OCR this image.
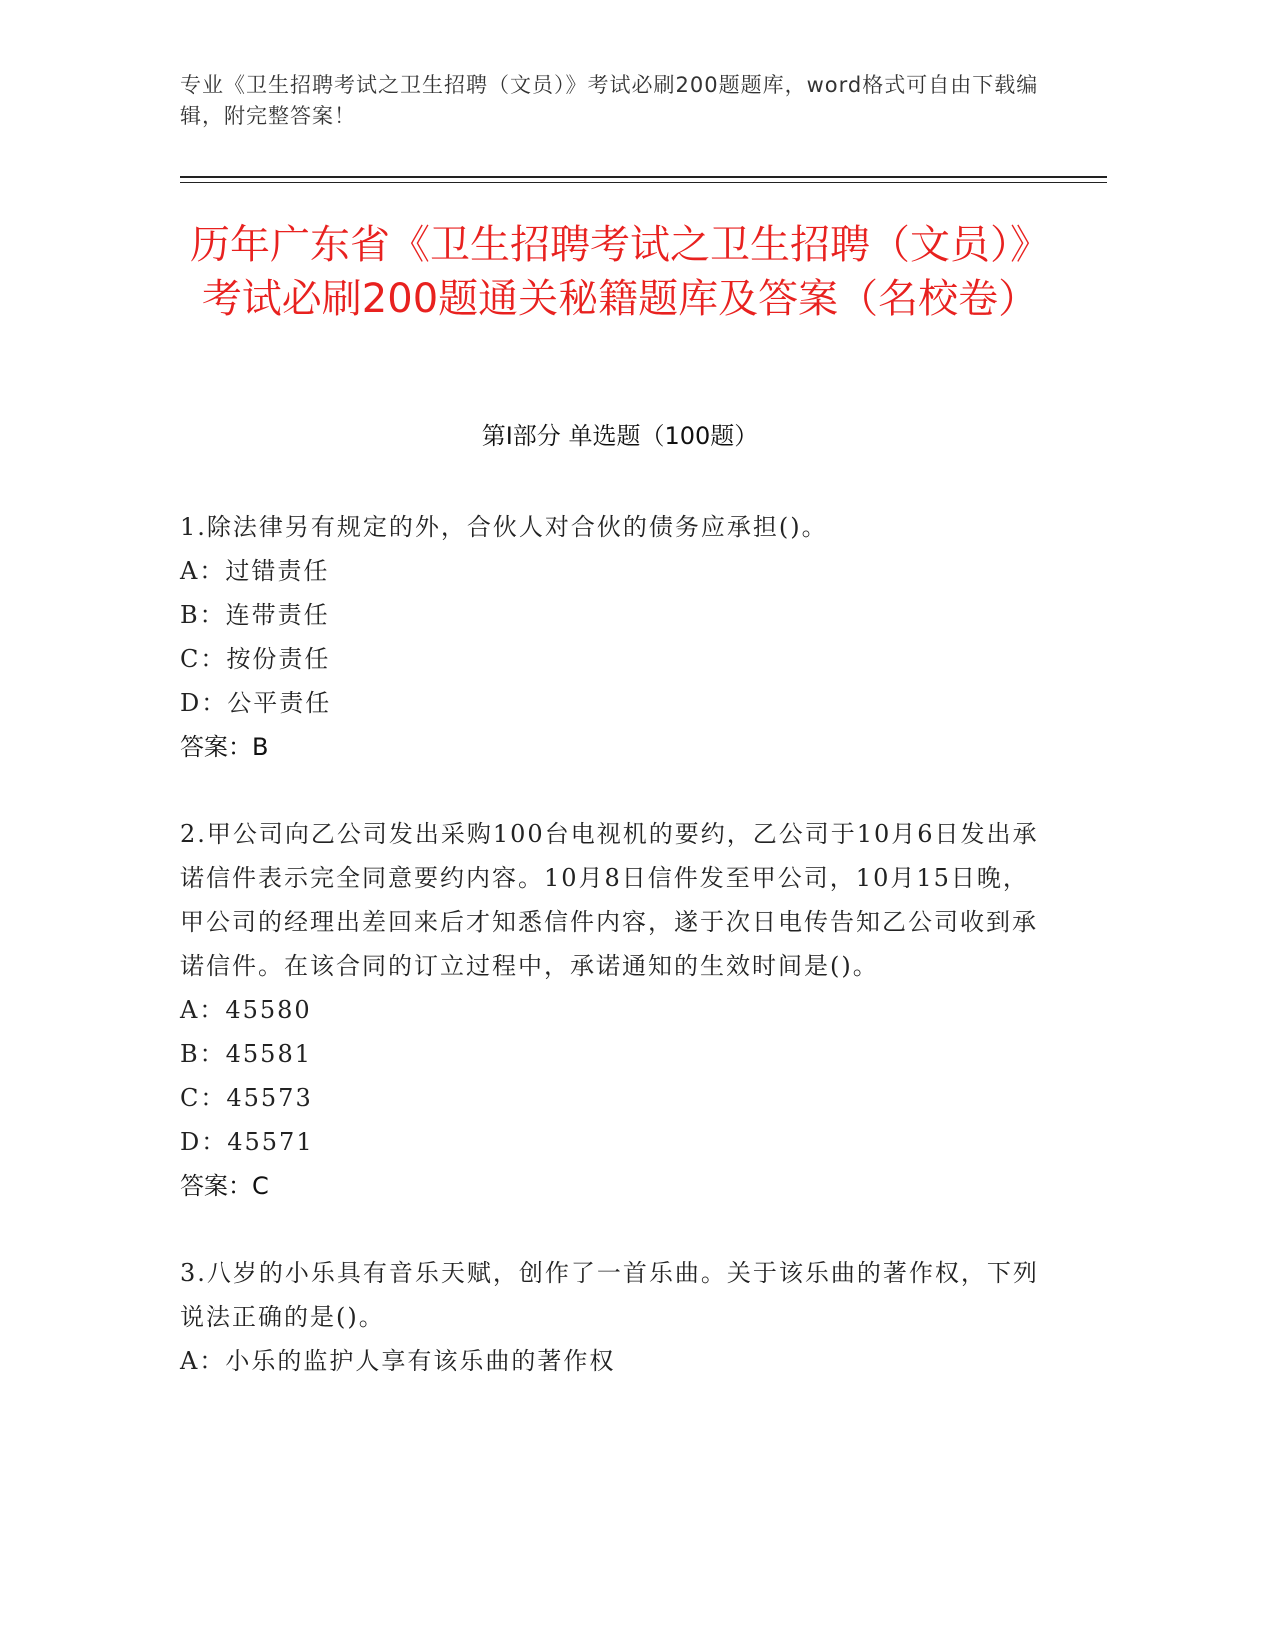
专业《卫生招聘考试之卫生招聘（文员）》考试必刷200题题库，word格式可自由下载编辑，附完整答案！
历年广东省《卫生招聘考试之卫生招聘（文员）》考试必刷200题通关秘籍题库及答案（名校卷）
第Ⅰ部分 单选题（100题）

1.除法律另有规定的外，合伙人对合伙的债务应承担()。

A：过错责任

B：连带责任

C：按份责任

D：公平责任

答案：B

2.甲公司向乙公司发出采购100台电视机的要约，乙公司于10月6日发出承诺信件表示完全同意要约内容。10月8日信件发至甲公司，10月15日晚，甲公司的经理出差回来后才知悉信件内容，遂于次日电传告知乙公司收到承诺信件。在该合同的订立过程中，承诺通知的生效时间是()。

A：45580

B：45581

C：45573

D：45571

答案：C

3.八岁的小乐具有音乐天赋，创作了一首乐曲。关于该乐曲的著作权，下列说法正确的是()。

A：小乐的监护人享有该乐曲的著作权
